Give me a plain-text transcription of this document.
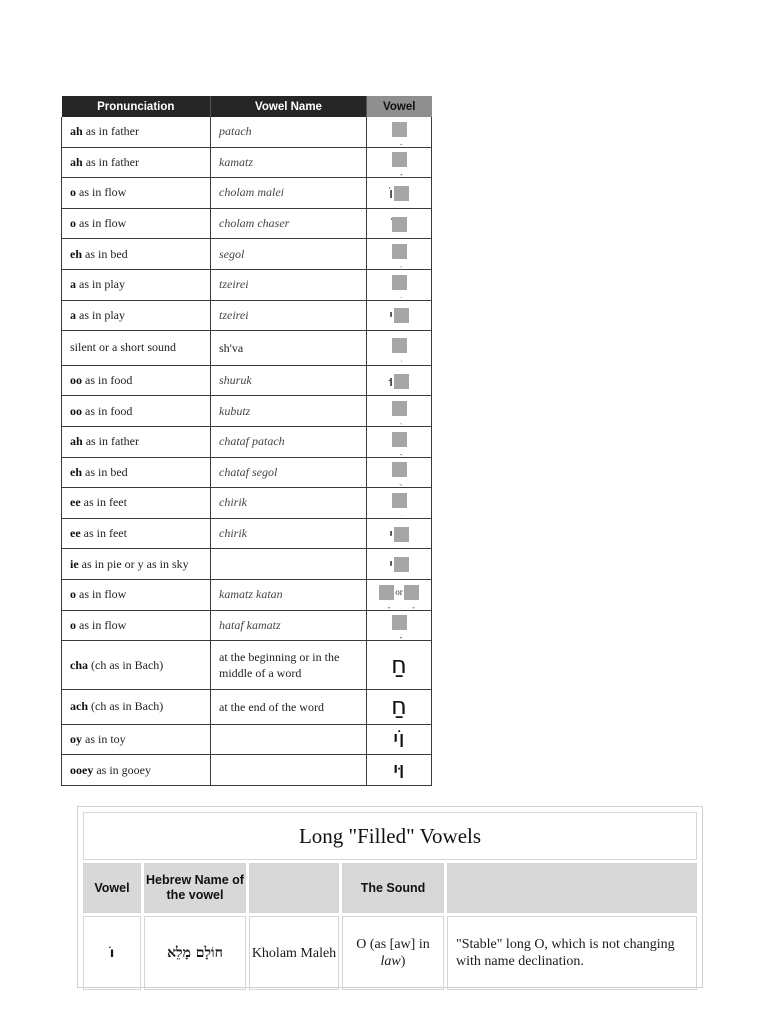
Pronunciation	Vowel Name	Vowel
ah as in father	patach	

ah as in father	kamatz	

o as in flow	cholam malei	וֹ

o as in flow	cholam chaser	

eh as in bed	segol	

a as in play	tzeirei	

a as in play	tzeirei	י

silent or a short sound	sh'va	

oo as in food	shuruk	וּ

oo as in food	kubutz	

ah as in father	chataf patach	

eh as in bed	chataf segol	

ee as in feet	chirik	

ee as in feet	chirik	י

ie as in pie or y as in sky		י

o as in flow	kamatz katan	or

o as in flow	hataf kamatz	

cha (ch as in Bach)	at the beginning or in the middle of a word	חַ

ach (ch as in Bach)	at the end of the word	חַ

oy as in toy		וֹי

ooey as in gooey		וּי
Long "Filled" Vowels				
Vowel	Hebrew Name of the vowel		The Sound	
וֹ	חוֹלָם מָלֵא	Kholam Maleh	O (as [aw] in law)	"Stable" long O, which is not changing with name declination.
